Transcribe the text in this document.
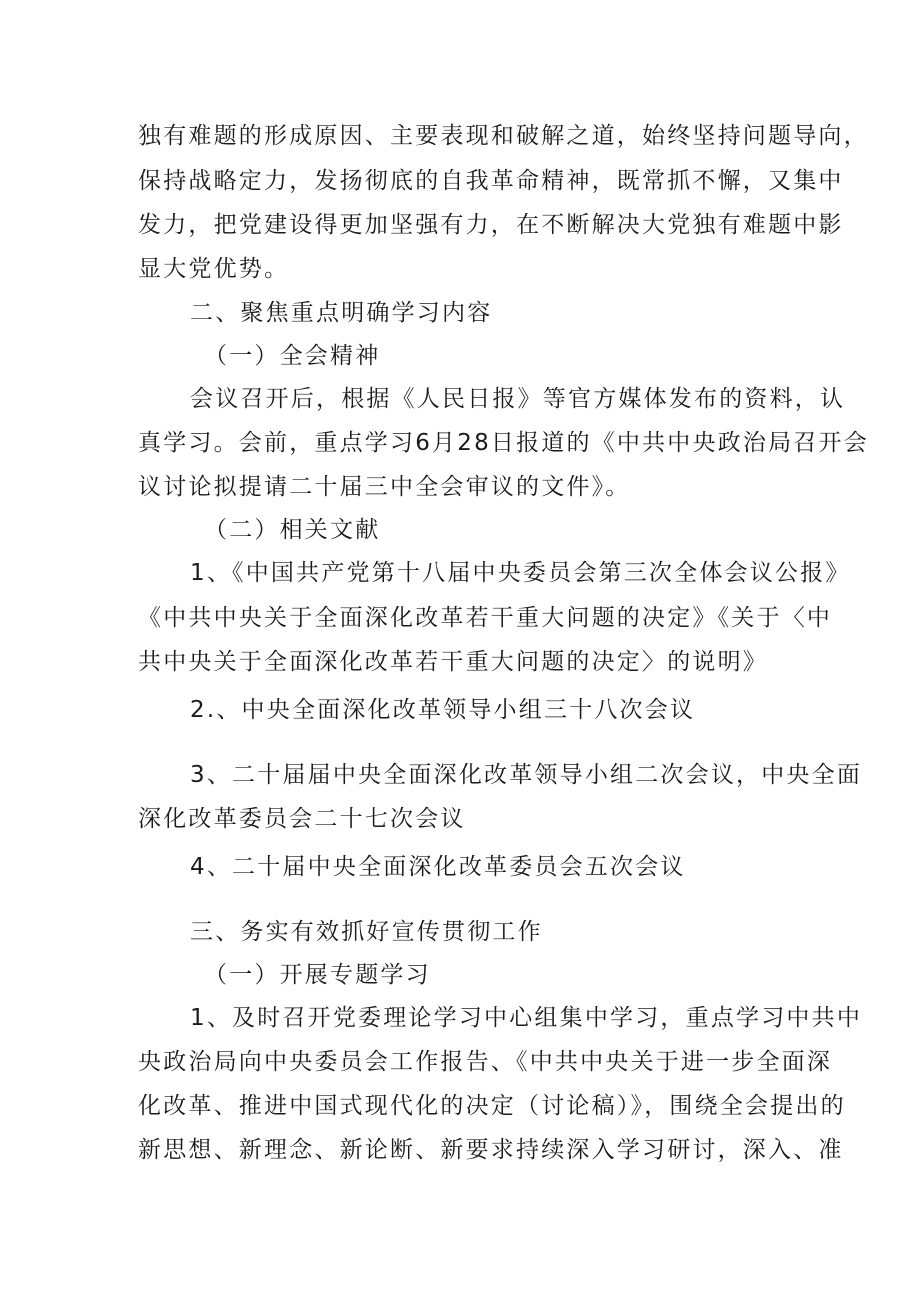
独有难题的形成原因、主要表现和破解之道，始终坚持问题导向，
保持战略定力，发扬彻底的自我革命精神，既常抓不懈，又集中
发力，把党建设得更加坚强有力，在不断解决大党独有难题中影
显大党优势。
二、聚焦重点明确学习内容
（一）全会精神
会议召开后，根据《人民日报》等官方媒体发布的资料，认
真学习。会前，重点学习6月28日报道的《中共中央政治局召开会
议讨论拟提请二十届三中全会审议的文件》。
（二）相关文献
1、《中国共产党第十八届中央委员会第三次全体会议公报》
《中共中央关于全面深化改革若干重大问题的决定》《关于〈中
共中央关于全面深化改革若干重大问题的决定〉的说明》
2.、中央全面深化改革领导小组三十八次会议
3、二十届届中央全面深化改革领导小组二次会议，中央全面
深化改革委员会二十七次会议
4、二十届中央全面深化改革委员会五次会议
三、务实有效抓好宣传贯彻工作
（一）开展专题学习
1、及时召开党委理论学习中心组集中学习，重点学习中共中
央政治局向中央委员会工作报告、《中共中央关于进一步全面深
化改革、推进中国式现代化的决定（讨论稿）》，围绕全会提出的
新思想、新理念、新论断、新要求持续深入学习研讨，深入、准
